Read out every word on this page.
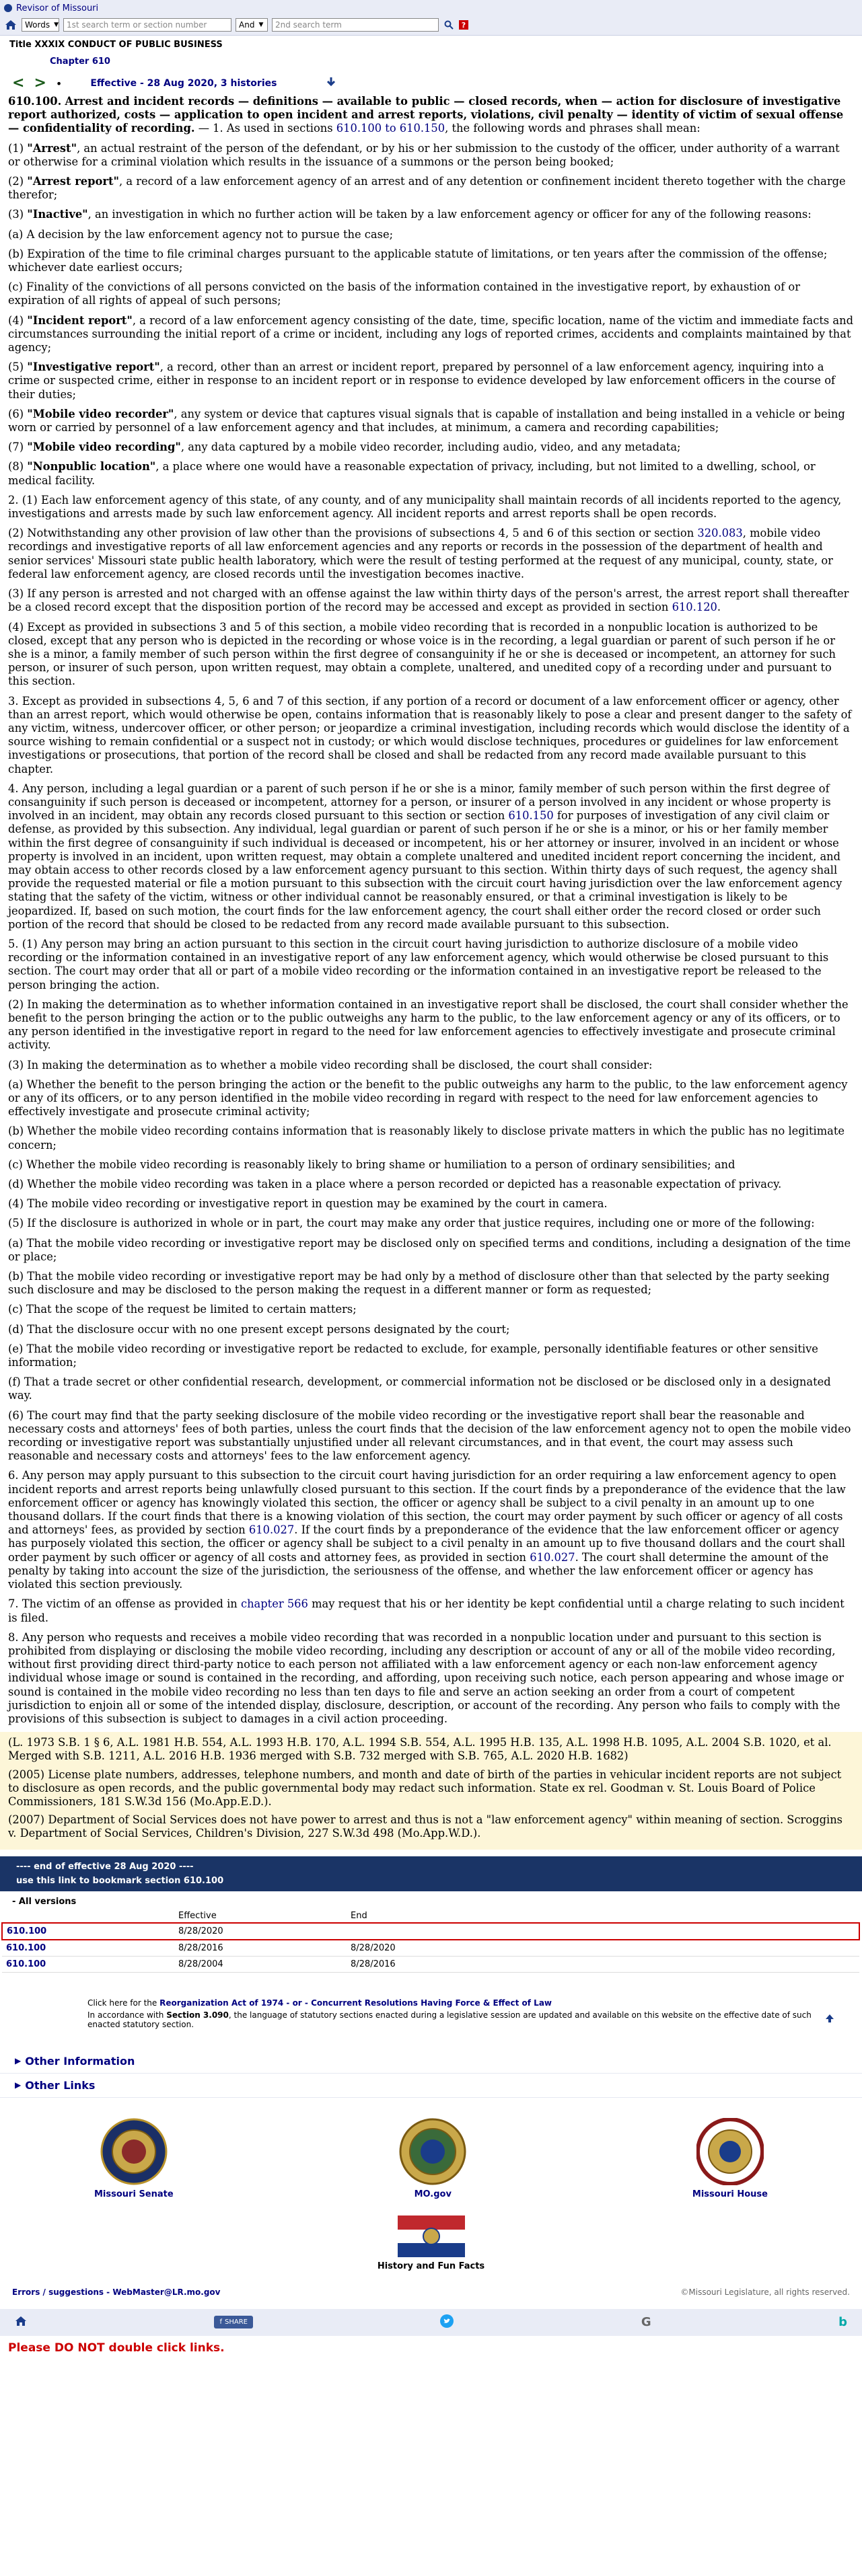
Revisor of Missouri
Words ▼ 1st search term or section number	And ▼	2nd search term	?
Title XXXIX CONDUCT OF PUBLIC BUSINESS
Chapter 610
< > •	Effective - 28 Aug 2020, 3 histories

610.100. Arrest and incident records — definitions — available to public — closed records, when — action for disclosure of investigative report authorized, costs — application to open incident and arrest reports, violations, civil penalty — identity of victim of sexual offense — confidentiality of recording. — 1. As used in sections 610.100 to 610.150, the following words and phrases shall mean:

(1) "Arrest", an actual restraint of the person of the defendant, or by his or her submission to the custody of the officer, under authority of a warrant or otherwise for a criminal violation which results in the issuance of a summons or the person being booked;

(2) "Arrest report", a record of a law enforcement agency of an arrest and of any detention or confinement incident thereto together with the charge therefor;

(3) "Inactive", an investigation in which no further action will be taken by a law enforcement agency or officer for any of the following reasons:

(a) A decision by the law enforcement agency not to pursue the case;

(b) Expiration of the time to file criminal charges pursuant to the applicable statute of limitations, or ten years after the commission of the offense; whichever date earliest occurs;

(c) Finality of the convictions of all persons convicted on the basis of the information contained in the investigative report, by exhaustion of or expiration of all rights of appeal of such persons;

(4) "Incident report", a record of a law enforcement agency consisting of the date, time, specific location, name of the victim and immediate facts and circumstances surrounding the initial report of a crime or incident, including any logs of reported crimes, accidents and complaints maintained by that agency;

(5) "Investigative report", a record, other than an arrest or incident report, prepared by personnel of a law enforcement agency, inquiring into a crime or suspected crime, either in response to an incident report or in response to evidence developed by law enforcement officers in the course of their duties;

(6) "Mobile video recorder", any system or device that captures visual signals that is capable of installation and being installed in a vehicle or being worn or carried by personnel of a law enforcement agency and that includes, at minimum, a camera and recording capabilities;

(7) "Mobile video recording", any data captured by a mobile video recorder, including audio, video, and any metadata;

(8) "Nonpublic location", a place where one would have a reasonable expectation of privacy, including, but not limited to a dwelling, school, or medical facility.

2. (1) Each law enforcement agency of this state, of any county, and of any municipality shall maintain records of all incidents reported to the agency, investigations and arrests made by such law enforcement agency. All incident reports and arrest reports shall be open records.

(2) Notwithstanding any other provision of law other than the provisions of subsections 4, 5 and 6 of this section or section 320.083, mobile video recordings and investigative reports of all law enforcement agencies and any reports or records in the possession of the department of health and senior services' Missouri state public health laboratory, which were the result of testing performed at the request of any municipal, county, state, or federal law enforcement agency, are closed records until the investigation becomes inactive.

(3) If any person is arrested and not charged with an offense against the law within thirty days of the person's arrest, the arrest report shall thereafter be a closed record except that the disposition portion of the record may be accessed and except as provided in section 610.120.

(4) Except as provided in subsections 3 and 5 of this section, a mobile video recording that is recorded in a nonpublic location is authorized to be closed, except that any person who is depicted in the recording or whose voice is in the recording, a legal guardian or parent of such person if he or she is a minor, a family member of such person within the first degree of consanguinity if he or she is deceased or incompetent, an attorney for such person, or insurer of such person, upon written request, may obtain a complete, unaltered, and unedited copy of a recording under and pursuant to this section.

3. Except as provided in subsections 4, 5, 6 and 7 of this section, if any portion of a record or document of a law enforcement officer or agency, other than an arrest report, which would otherwise be open, contains information that is reasonably likely to pose a clear and present danger to the safety of any victim, witness, undercover officer, or other person; or jeopardize a criminal investigation, including records which would disclose the identity of a source wishing to remain confidential or a suspect not in custody; or which would disclose techniques, procedures or guidelines for law enforcement investigations or prosecutions, that portion of the record shall be closed and shall be redacted from any record made available pursuant to this chapter.

4. Any person, including a legal guardian or a parent of such person if he or she is a minor, family member of such person within the first degree of consanguinity if such person is deceased or incompetent, attorney for a person, or insurer of a person involved in any incident or whose property is involved in an incident, may obtain any records closed pursuant to this section or section 610.150 for purposes of investigation of any civil claim or defense, as provided by this subsection. Any individual, legal guardian or parent of such person if he or she is a minor, or his or her family member within the first degree of consanguinity if such individual is deceased or incompetent, his or her attorney or insurer, involved in an incident or whose property is involved in an incident, upon written request, may obtain a complete unaltered and unedited incident report concerning the incident, and may obtain access to other records closed by a law enforcement agency pursuant to this section. Within thirty days of such request, the agency shall provide the requested material or file a motion pursuant to this subsection with the circuit court having jurisdiction over the law enforcement agency stating that the safety of the victim, witness or other individual cannot be reasonably ensured, or that a criminal investigation is likely to be jeopardized. If, based on such motion, the court finds for the law enforcement agency, the court shall either order the record closed or order such portion of the record that should be closed to be redacted from any record made available pursuant to this subsection.

5. (1) Any person may bring an action pursuant to this section in the circuit court having jurisdiction to authorize disclosure of a mobile video recording or the information contained in an investigative report of any law enforcement agency, which would otherwise be closed pursuant to this section. The court may order that all or part of a mobile video recording or the information contained in an investigative report be released to the person bringing the action.

(2) In making the determination as to whether information contained in an investigative report shall be disclosed, the court shall consider whether the benefit to the person bringing the action or to the public outweighs any harm to the public, to the law enforcement agency or any of its officers, or to any person identified in the investigative report in regard to the need for law enforcement agencies to effectively investigate and prosecute criminal activity.

(3) In making the determination as to whether a mobile video recording shall be disclosed, the court shall consider:

(a) Whether the benefit to the person bringing the action or the benefit to the public outweighs any harm to the public, to the law enforcement agency or any of its officers, or to any person identified in the mobile video recording in regard with respect to the need for law enforcement agencies to effectively investigate and prosecute criminal activity;

(b) Whether the mobile video recording contains information that is reasonably likely to disclose private matters in which the public has no legitimate concern;

(c) Whether the mobile video recording is reasonably likely to bring shame or humiliation to a person of ordinary sensibilities; and

(d) Whether the mobile video recording was taken in a place where a person recorded or depicted has a reasonable expectation of privacy.

(4) The mobile video recording or investigative report in question may be examined by the court in camera.

(5) If the disclosure is authorized in whole or in part, the court may make any order that justice requires, including one or more of the following:

(a) That the mobile video recording or investigative report may be disclosed only on specified terms and conditions, including a designation of the time or place;

(b) That the mobile video recording or investigative report may be had only by a method of disclosure other than that selected by the party seeking such disclosure and may be disclosed to the person making the request in a different manner or form as requested;

(c) That the scope of the request be limited to certain matters;

(d) That the disclosure occur with no one present except persons designated by the court;

(e) That the mobile video recording or investigative report be redacted to exclude, for example, personally identifiable features or other sensitive information;

(f) That a trade secret or other confidential research, development, or commercial information not be disclosed or be disclosed only in a designated way.

(6) The court may find that the party seeking disclosure of the mobile video recording or the investigative report shall bear the reasonable and necessary costs and attorneys' fees of both parties, unless the court finds that the decision of the law enforcement agency not to open the mobile video recording or investigative report was substantially unjustified under all relevant circumstances, and in that event, the court may assess such reasonable and necessary costs and attorneys' fees to the law enforcement agency.

6. Any person may apply pursuant to this subsection to the circuit court having jurisdiction for an order requiring a law enforcement agency to open incident reports and arrest reports being unlawfully closed pursuant to this section. If the court finds by a preponderance of the evidence that the law enforcement officer or agency has knowingly violated this section, the officer or agency shall be subject to a civil penalty in an amount up to one thousand dollars. If the court finds that there is a knowing violation of this section, the court may order payment by such officer or agency of all costs and attorneys' fees, as provided by section 610.027. If the court finds by a preponderance of the evidence that the law enforcement officer or agency has purposely violated this section, the officer or agency shall be subject to a civil penalty in an amount up to five thousand dollars and the court shall order payment by such officer or agency of all costs and attorney fees, as provided in section 610.027. The court shall determine the amount of the penalty by taking into account the size of the jurisdiction, the seriousness of the offense, and whether the law enforcement officer or agency has violated this section previously.

7. The victim of an offense as provided in chapter 566 may request that his or her identity be kept confidential until a charge relating to such incident is filed.

8. Any person who requests and receives a mobile video recording that was recorded in a nonpublic location under and pursuant to this section is prohibited from displaying or disclosing the mobile video recording, including any description or account of any or all of the mobile video recording, without first providing direct third-party notice to each person not affiliated with a law enforcement agency or each non-law enforcement agency individual whose image or sound is contained in the recording, and affording, upon receiving such notice, each person appearing and whose image or sound is contained in the mobile video recording no less than ten days to file and serve an action seeking an order from a court of competent jurisdiction to enjoin all or some of the intended display, disclosure, description, or account of the recording. Any person who fails to comply with the provisions of this subsection is subject to damages in a civil action proceeding.

(L. 1973 S.B. 1 § 6, A.L. 1981 H.B. 554, A.L. 1993 H.B. 170, A.L. 1994 S.B. 554, A.L. 1995 H.B. 135, A.L. 1998 H.B. 1095, A.L. 2004 S.B. 1020, et al. Merged with S.B. 1211, A.L. 2016 H.B. 1936 merged with S.B. 732 merged with S.B. 765, A.L. 2020 H.B. 1682)

(2005) License plate numbers, addresses, telephone numbers, and month and date of birth of the parties in vehicular incident reports are not subject to disclosure as open records, and the public governmental body may redact such information. State ex rel. Goodman v. St. Louis Board of Police Commissioners, 181 S.W.3d 156 (Mo.App.E.D.).

(2007) Department of Social Services does not have power to arrest and thus is not a "law enforcement agency" within meaning of section. Scroggins v. Department of Social Services, Children's Division, 227 S.W.3d 498 (Mo.App.W.D.).

---- end of effective 28 Aug 2020 ----
use this link to bookmark section 610.100
- All versions
	Effective	End
610.100	8/28/2020	
610.100	8/28/2016	8/28/2020
610.100	8/28/2004	8/28/2016
Click here for the Reorganization Act of 1974 - or - Concurrent Resolutions Having Force & Effect of Law
In accordance with Section 3.090, the language of statutory sections enacted during a legislative session are updated and available on this website on the effective date of such enacted statutory section.
▶ Other Information
▶ Other Links
Missouri Senate	MO.gov	Missouri House
History and Fun Facts
Errors / suggestions - WebMaster@LR.mo.gov	©Missouri Legislature, all rights reserved.
f SHARE	G	b
Please DO NOT double click links.
